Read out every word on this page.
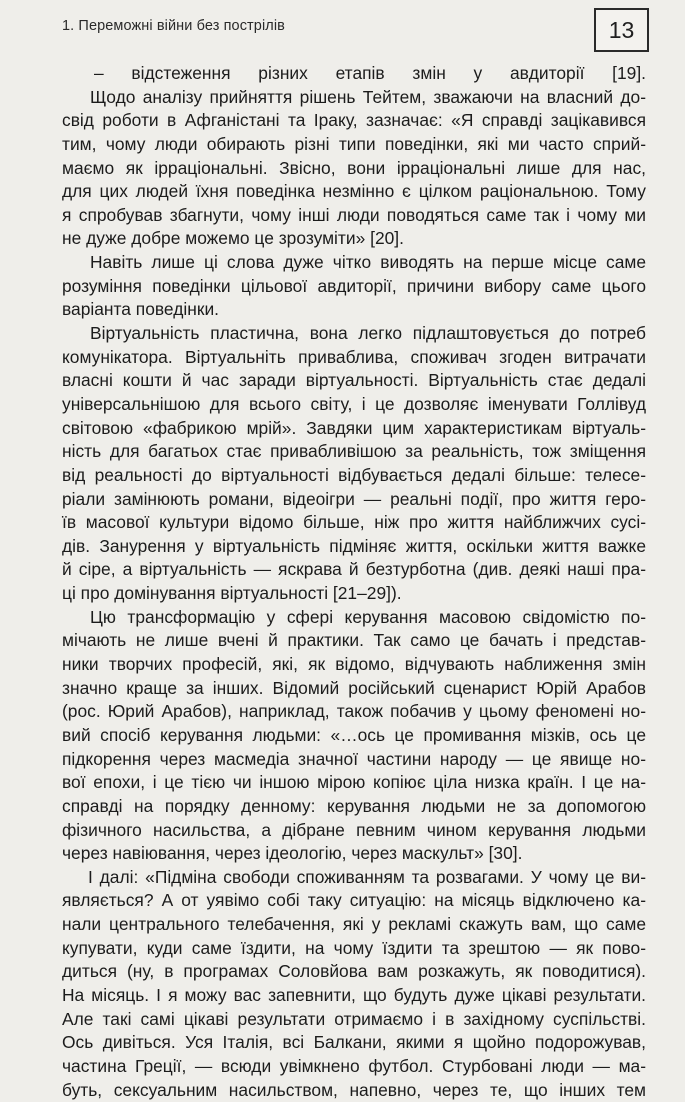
1. Переможні війни без пострілів	13
– відстеження різних етапів змін у авдиторії [19].
Щодо аналізу прийняття рішень Тейтем, зважаючи на власний до-
свід роботи в Афганістані та Іраку, зазначає: «Я справді зацікавився
тим, чому люди обирають різні типи поведінки, які ми часто сприй-
маємо як ірраціональні. Звісно, вони ірраціональні лише для нас,
для цих людей їхня поведінка незмінно є цілком раціональною. Тому
я спробував збагнути, чому інші люди поводяться саме так і чому ми
не дуже добре можемо це зрозуміти» [20].
Навіть лише ці слова дуже чітко виводять на перше місце саме
розуміння поведінки цільової авдиторії, причини вибору саме цього
варіанта поведінки.
Віртуальність пластична, вона легко підлаштовується до потреб
комунікатора. Віртуальніть приваблива, споживач згоден витрачати
власні кошти й час заради віртуальності. Віртуальність стає дедалі
універсальнішою для всього світу, і це дозволяє іменувати Голлівуд
світовою «фабрикою мрій». Завдяки цим характеристикам віртуаль-
ність для багатьох стає привабливішою за реальність, тож зміщення
від реальності до віртуальності відбувається дедалі більше: телесе-
ріали замінюють романи, відеоігри — реальні події, про життя геро-
їв масової культури відомо більше, ніж про життя найближчих сусі-
дів. Занурення у віртуальність підміняє життя, оскільки життя важке
й сіре, а віртуальність — яскрава й безтурботна (див. деякі наші пра-
ці про домінування віртуальності [21–29]).
Цю трансформацію у сфері керування масовою свідомістю по-
мічають не лише вчені й практики. Так само це бачать і представ-
ники творчих професій, які, як відомо, відчувають наближення змін
значно краще за інших. Відомий російський сценарист Юрій Арабов
(рос. Юрий Арабов), наприклад, також побачив у цьому феномені но-
вий спосіб керування людьми: «…ось це промивання мізків, ось це
підкорення через масмедіа значної частини народу — це явище но-
вої епохи, і це тією чи іншою мірою копіює ціла низка країн. І це на-
справді на порядку денному: керування людьми не за допомогою
фізичного насильства, а дібране певним чином керування людьми
через навіювання, через ідеологію, через маскульт» [30].
І далі: «Підміна свободи споживанням та розвагами. У чому це ви-
являється? А от уявімо собі таку ситуацію: на місяць відключено ка-
нали центрального телебачення, які у рекламі скажуть вам, що саме
купувати, куди саме їздити, на чому їздити та зрештою — як пово-
диться (ну, в програмах Соловйова вам розкажуть, як поводитися).
На місяць. І я можу вас запевнити, що будуть дуже цікаві результати.
Але такі самі цікаві результати отримаємо і в західному суспільстві.
Ось дивіться. Уся Італія, всі Балкани, якими я щойно подорожував,
частина Греції, — всюди увімкнено футбол. Стурбовані люди — ма-
буть, сексуальним насильством, напевно, через те, що інших тем
